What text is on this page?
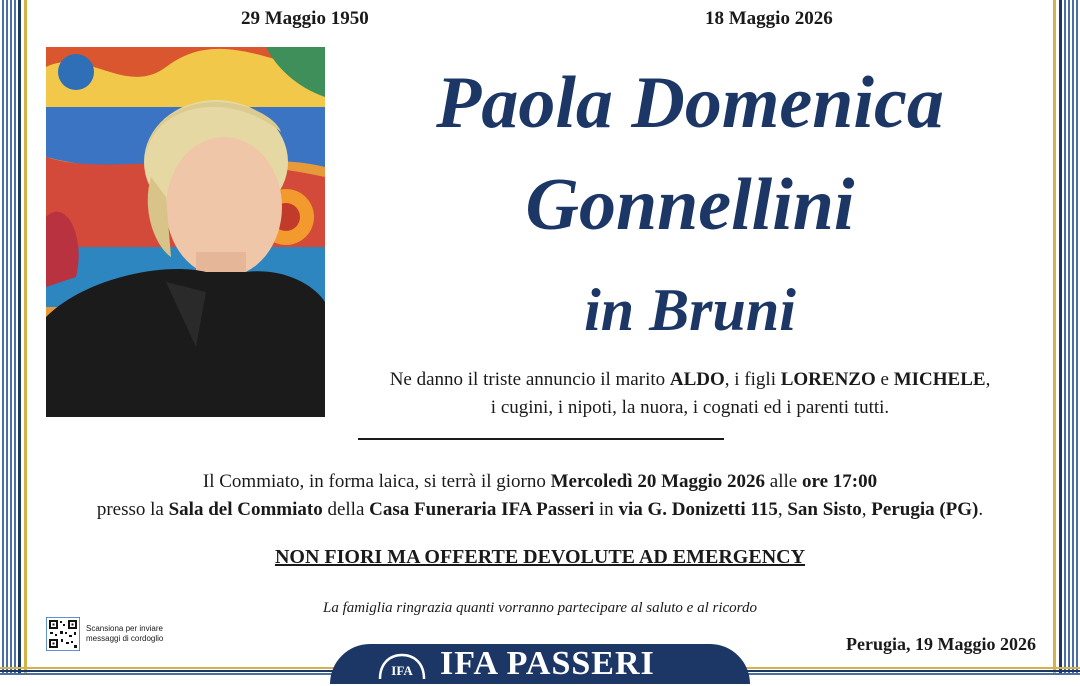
29 Maggio 1950	18 Maggio 2026
Paola Domenica
Gonnellini
in Bruni
Ne danno il triste annuncio il marito ALDO, i figli LORENZO e MICHELE,
i cugini, i nipoti, la nuora, i cognati ed i parenti tutti.
Il Commiato, in forma laica, si terrà il giorno Mercoledì 20 Maggio 2026 alle ore 17:00
presso la Sala del Commiato della Casa Funeraria IFA Passeri in via G. Donizetti 115, San Sisto, Perugia (PG).
NON FIORI MA OFFERTE DEVOLUTE AD EMERGENCY
La famiglia ringrazia quanti vorranno partecipare al saluto e al ricordo
Scansiona per inviare
messaggi di cordoglio	Perugia, 19 Maggio 2026
IFA IFA PASSERI
